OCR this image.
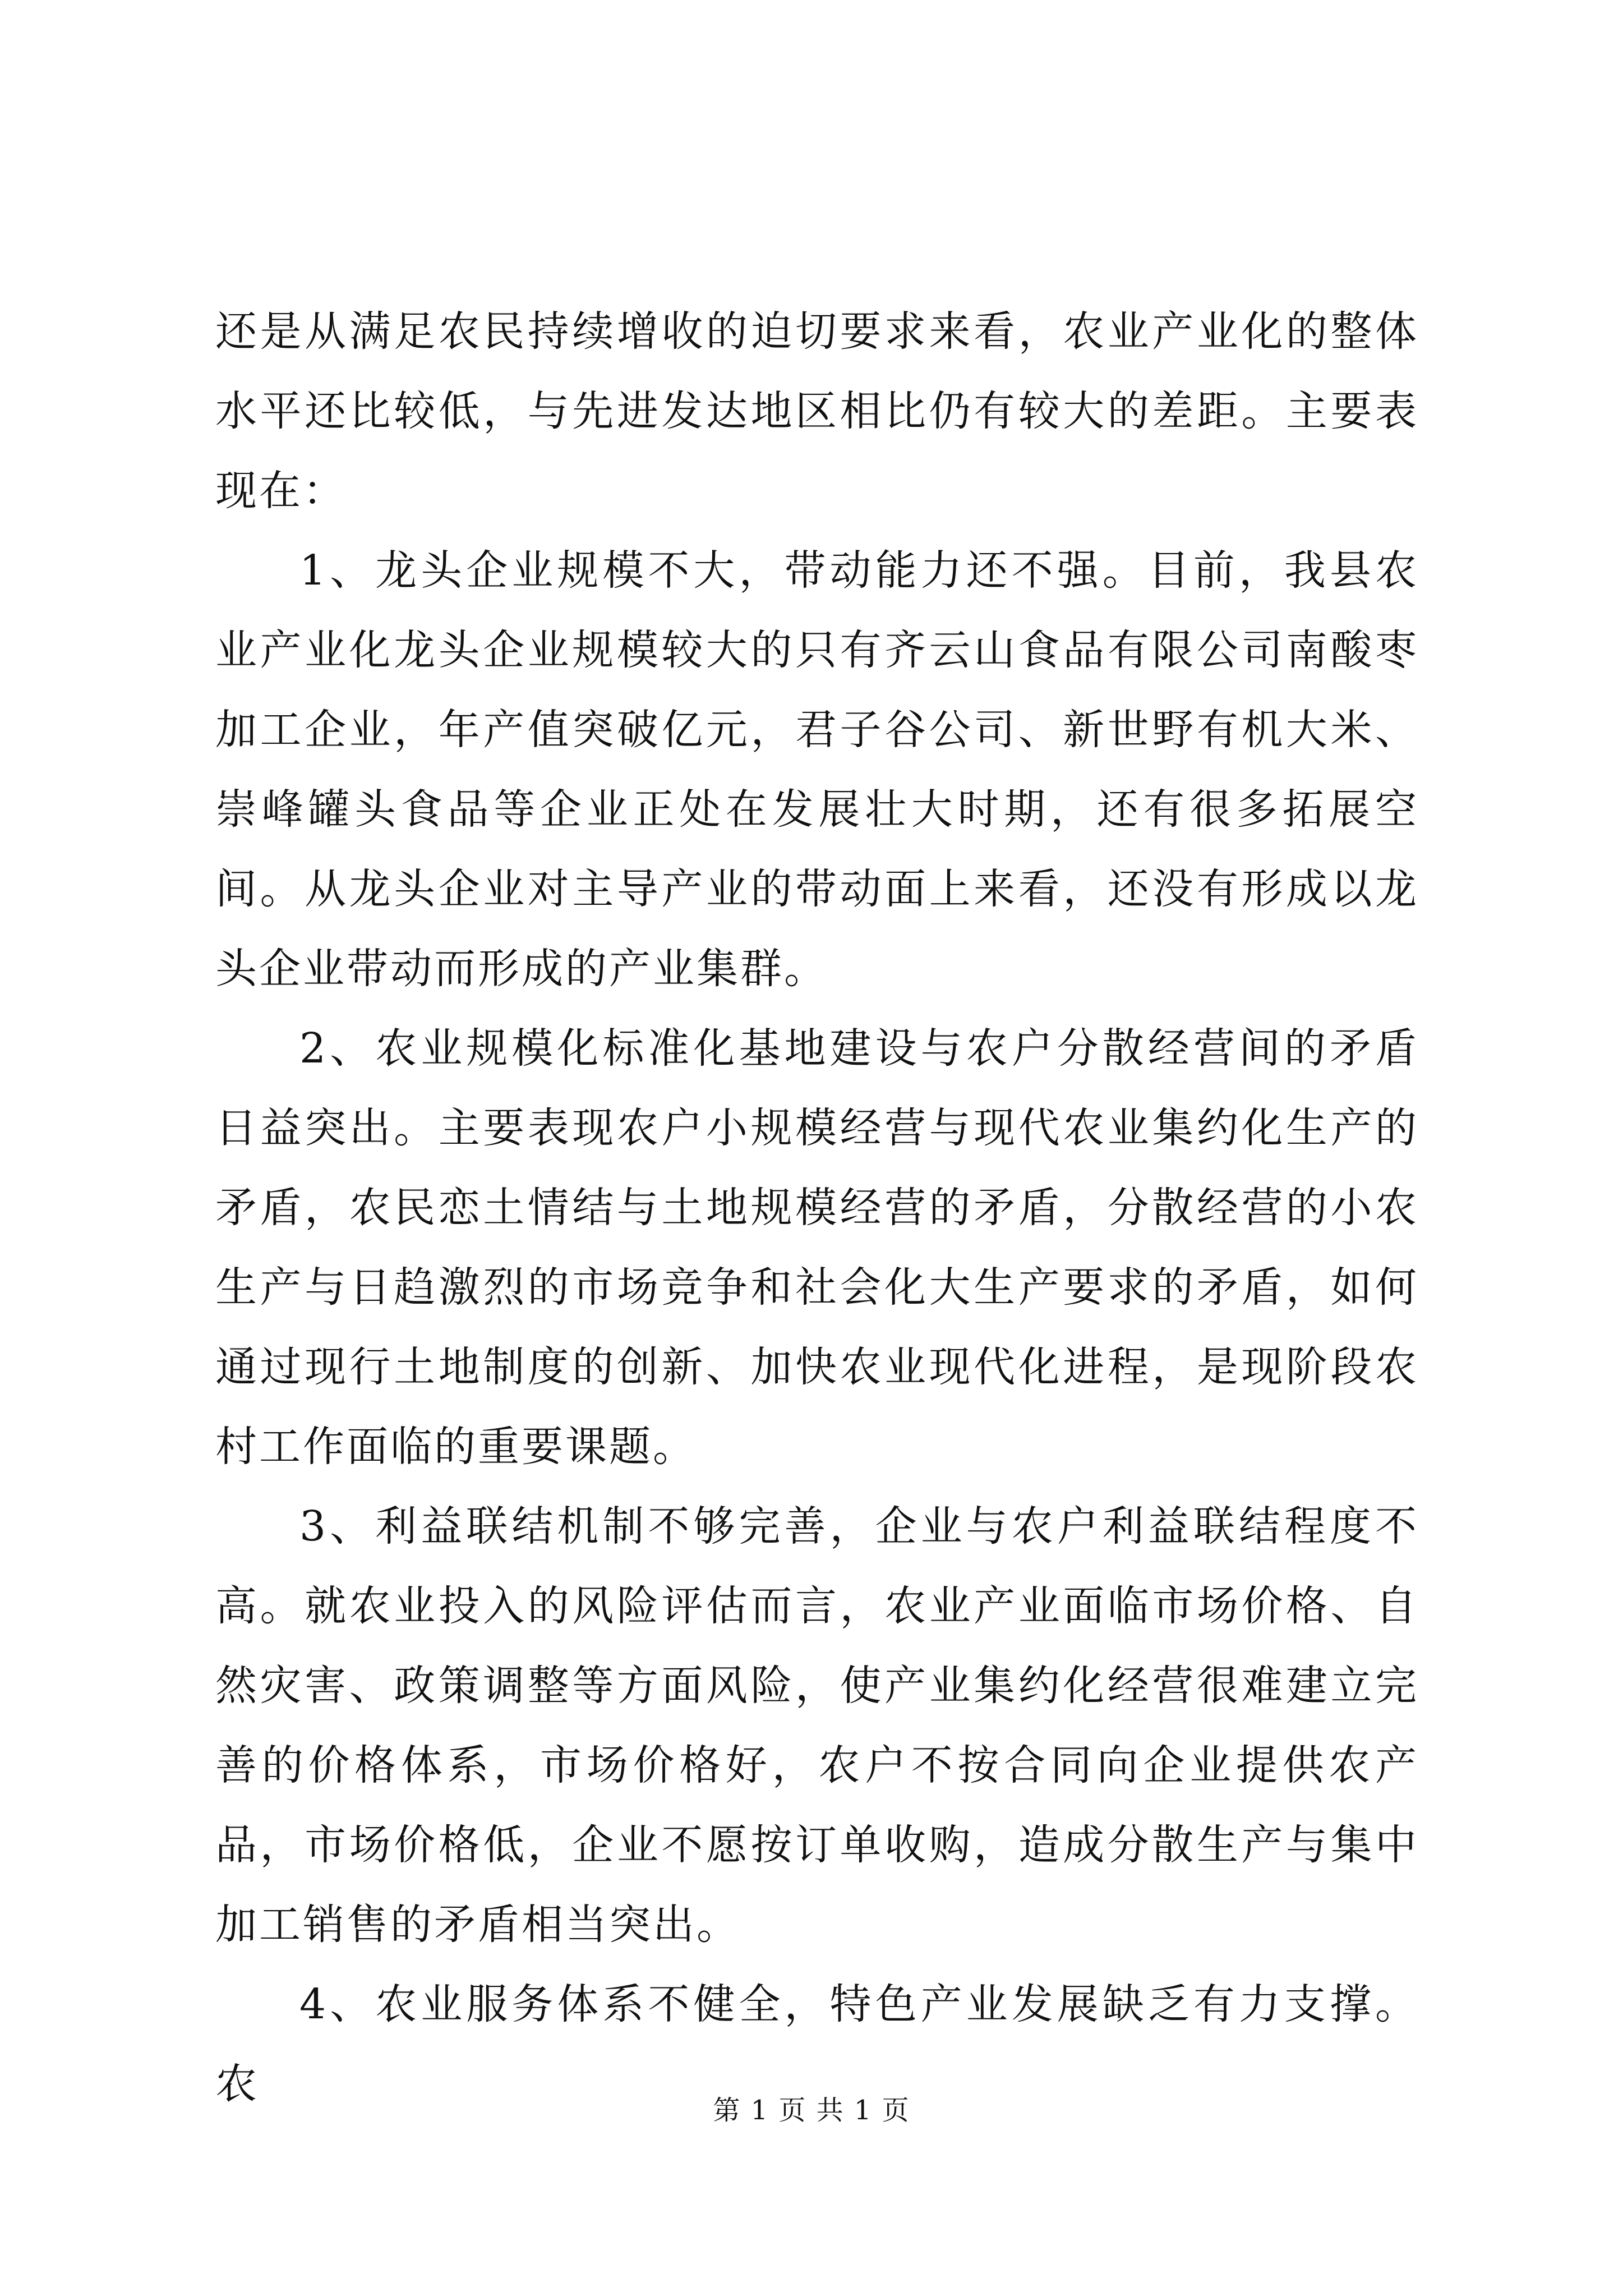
还是从满足农民持续增收的迫切要求来看，农业产业化的整体水平还比较低，与先进发达地区相比仍有较大的差距。主要表现在：

1、龙头企业规模不大，带动能力还不强。目前，我县农业产业化龙头企业规模较大的只有齐云山食品有限公司南酸枣加工企业，年产值突破亿元，君子谷公司、新世野有机大米、崇峰罐头食品等企业正处在发展壮大时期，还有很多拓展空间。从龙头企业对主导产业的带动面上来看，还没有形成以龙头企业带动而形成的产业集群。

2、农业规模化标准化基地建设与农户分散经营间的矛盾日益突出。主要表现农户小规模经营与现代农业集约化生产的矛盾，农民恋土情结与土地规模经营的矛盾，分散经营的小农生产与日趋激烈的市场竞争和社会化大生产要求的矛盾，如何通过现行土地制度的创新、加快农业现代化进程，是现阶段农村工作面临的重要课题。

3、利益联结机制不够完善，企业与农户利益联结程度不高。就农业投入的风险评估而言，农业产业面临市场价格、自然灾害、政策调整等方面风险，使产业集约化经营很难建立完善的价格体系，市场价格好，农户不按合同向企业提供农产品，市场价格低，企业不愿按订单收购，造成分散生产与集中加工销售的矛盾相当突出。

4、农业服务体系不健全，特色产业发展缺乏有力支撑。农

第 1 页 共 1 页
